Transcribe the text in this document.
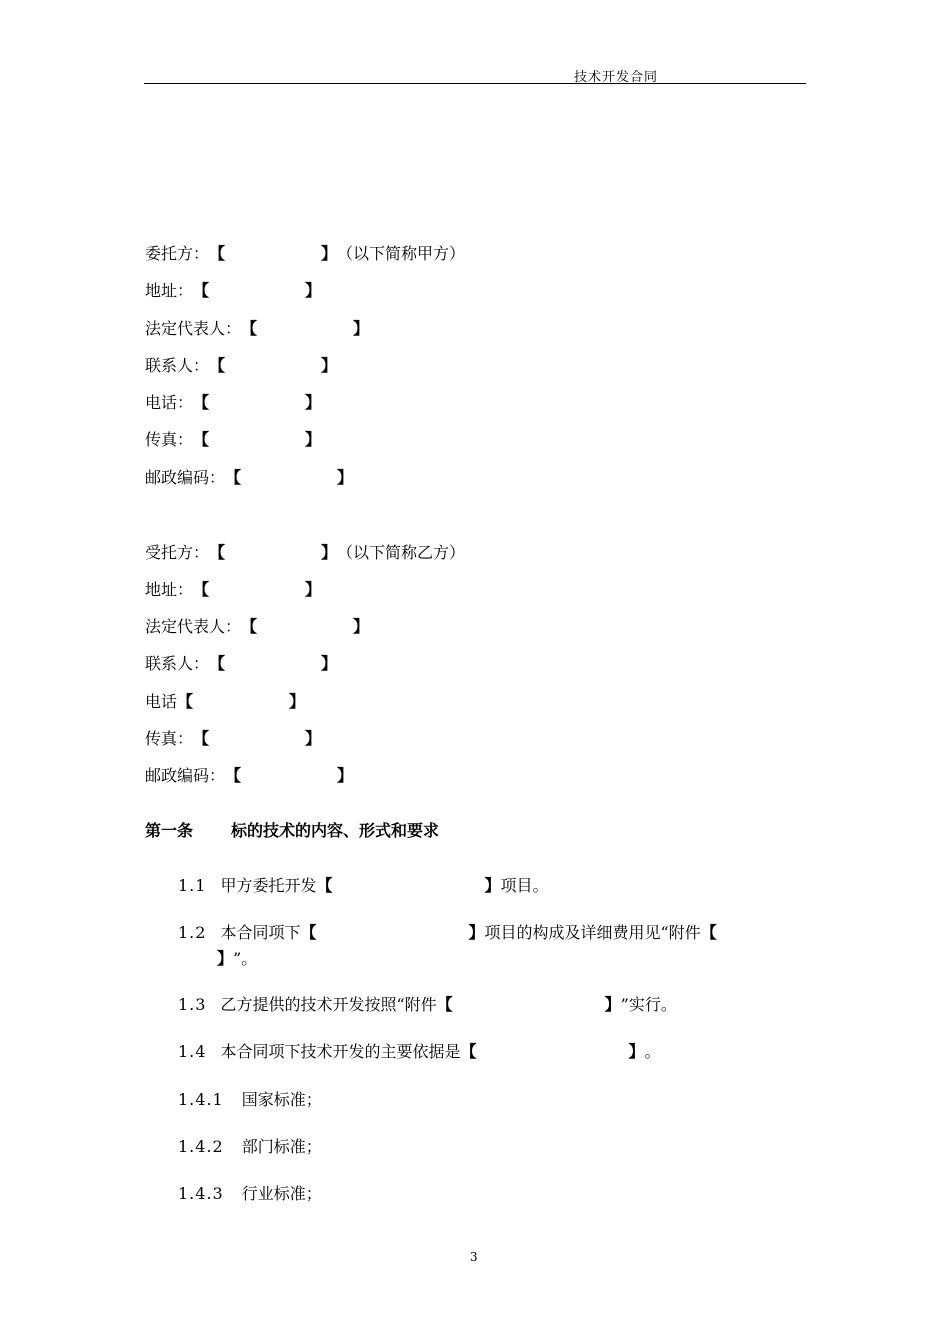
技术开发合同
委托方：【	】（以下简称甲方）
地址：【	】
法定代表人：【	】
联系人：【	】
电话：【	】
传真：【	】
邮政编码：【	】
受托方：【	】（以下简称乙方）
地址：【	】
法定代表人：【	】
联系人：【	】
电话【	】
传真：【	】
邮政编码：【	】
第一条 标的技术的内容、形式和要求
1.1 甲方委托开发【	】项目。
1.2 本合同项下【	】项目的构成及详细费用见“附件【
】”。
1.3 乙方提供的技术开发按照“附件【	】”实行。
1.4 本合同项下技术开发的主要依据是【	】。
1.4.1 国家标准；
1.4.2 部门标准；
1.4.3 行业标准；
3
